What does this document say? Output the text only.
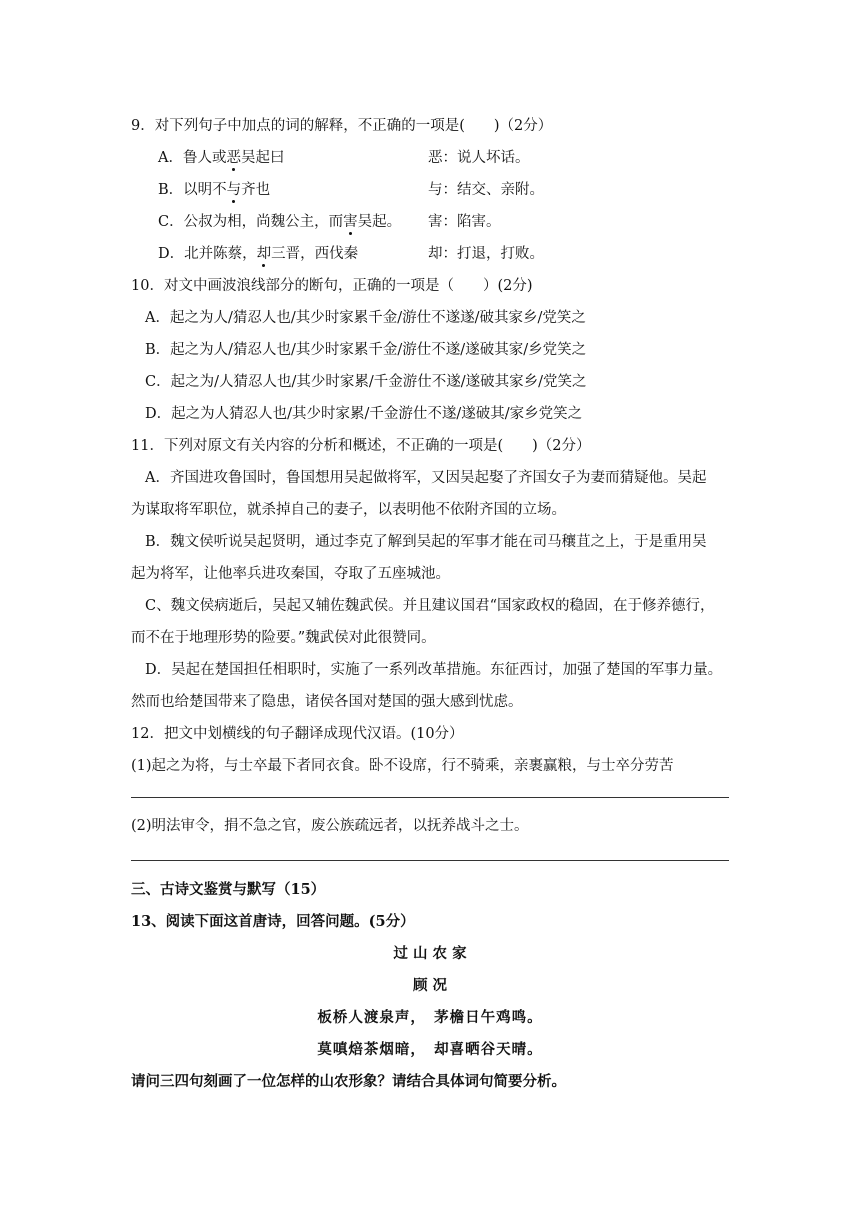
9．对下列句子中加点的词的解释，不正确的一项是(　　)（2分）
A．鲁人或恶吴起曰	恶：说人坏话。
B．以明不与齐也	与：结交、亲附。
C．公叔为相，尚魏公主，而害吴起。 害：陷害。
D．北并陈蔡，却三晋，西伐秦	却：打退，打败。
10．对文中画波浪线部分的断句，正确的一项是（　　）(2分)
A．起之为人/猜忍人也/其少时家累千金/游仕不遂遂/破其家乡/党笑之
B．起之为人/猜忍人也/其少时家累千金/游仕不遂/遂破其家/乡党笑之
C．起之为/人猜忍人也/其少时家累/千金游仕不遂/遂破其家乡/党笑之
D．起之为人猜忍人也/其少时家累/千金游仕不遂/遂破其/家乡党笑之
11．下列对原文有关内容的分析和概述，不正确的一项是(　　)（2分）
A．齐国进攻鲁国时，鲁国想用吴起做将军，又因吴起娶了齐国女子为妻而猜疑他。吴起
为谋取将军职位，就杀掉自己的妻子，以表明他不依附齐国的立场。
B．魏文侯听说吴起贤明，通过李克了解到吴起的军事才能在司马穰苴之上，于是重用吴
起为将军，让他率兵进攻秦国，夺取了五座城池。
C、魏文侯病逝后，吴起又辅佐魏武侯。并且建议国君“国家政权的稳固，在于修养德行，
而不在于地理形势的险要。”魏武侯对此很赞同。
D．吴起在楚国担任相职时，实施了一系列改革措施。东征西讨，加强了楚国的军事力量。
然而也给楚国带来了隐患，诸侯各国对楚国的强大感到忧虑。
12．把文中划横线的句子翻译成现代汉语。(10分）
(1)起之为将，与士卒最下者同衣食。卧不设席，行不骑乘，亲裹赢粮，与士卒分劳苦
(2)明法审令，捐不急之官，废公族疏远者，以抚养战斗之士。
三、古诗文鉴赏与默写（15）
13、阅读下面这首唐诗，回答问题。(5分）
过 山 农 家
顾 况
板桥人渡泉声，　茅檐日午鸡鸣。
莫嗔焙茶烟暗，　却喜晒谷天晴。
请问三四句刻画了一位怎样的山农形象？请结合具体词句简要分析。
